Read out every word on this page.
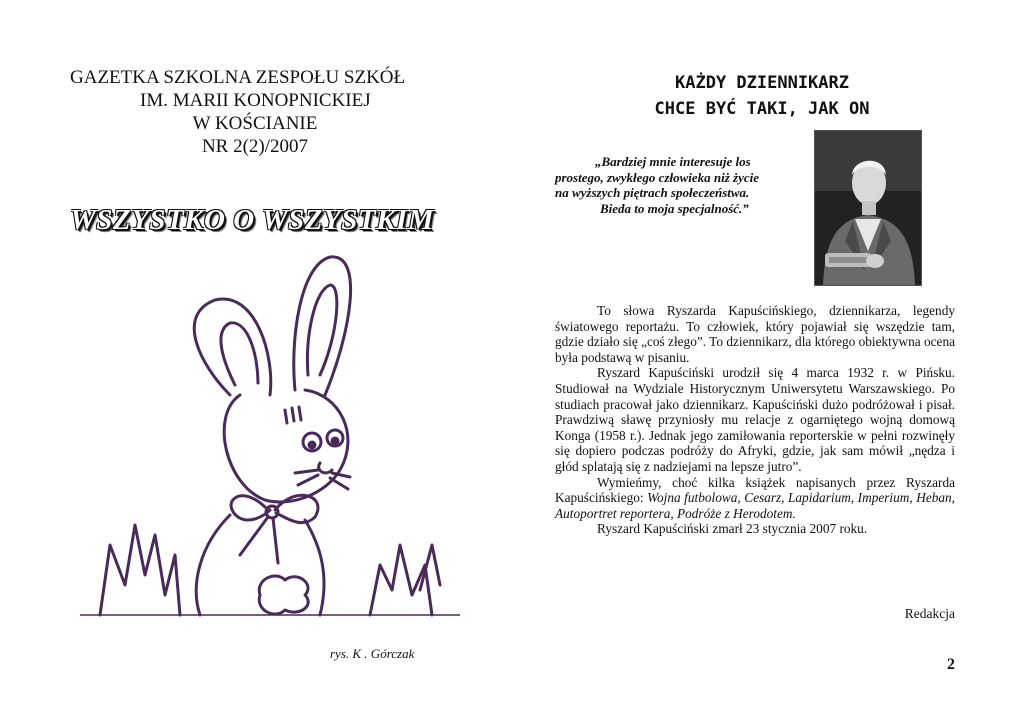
GAZETKA SZKOLNA ZESPOŁU SZKÓŁ
IM. MARII KONOPNICKIEJ
W KOŚCIANIE
NR 2(2)/2007
WSZYSTKO O WSZYSTKIM
rys. K . Górczak
KAŻDY DZIENNIKARZ
CHCE BYĆ TAKI, JAK ON
„Bardziej mnie interesuje los
prostego, zwykłego człowieka niż życie
na wyższych piętrach społeczeństwa.
Bieda to moja specjalność.”

To słowa Ryszarda Kapuścińskiego, dziennikarza, legendy światowego reportażu. To człowiek, który pojawiał się wszędzie tam, gdzie działo się „coś złego”. To dziennikarz, dla którego obiektywna ocena była podstawą w pisaniu.

Ryszard Kapuściński urodził się 4 marca 1932 r. w Pińsku. Studiował na Wydziale Historycznym Uniwersytetu Warszawskiego. Po studiach pracował jako dziennikarz. Kapuściński dużo podróżował i pisał. Prawdziwą sławę przyniosły mu relacje z ogarniętego wojną domową Konga (1958 r.). Jednak jego zamiłowania reporterskie w pełni rozwinęły się dopiero podczas podróży do Afryki, gdzie, jak sam mówił „nędza i głód splatają się z nadziejami na lepsze jutro”.

Wymieńmy, choć kilka książek napisanych przez Ryszarda Kapuścińskiego: Wojna futbolowa, Cesarz, Lapidarium, Imperium, Heban, Autoportret reportera, Podróże z Herodotem.

Ryszard Kapuściński zmarł 23 stycznia 2007 roku.

Redakcja
2
